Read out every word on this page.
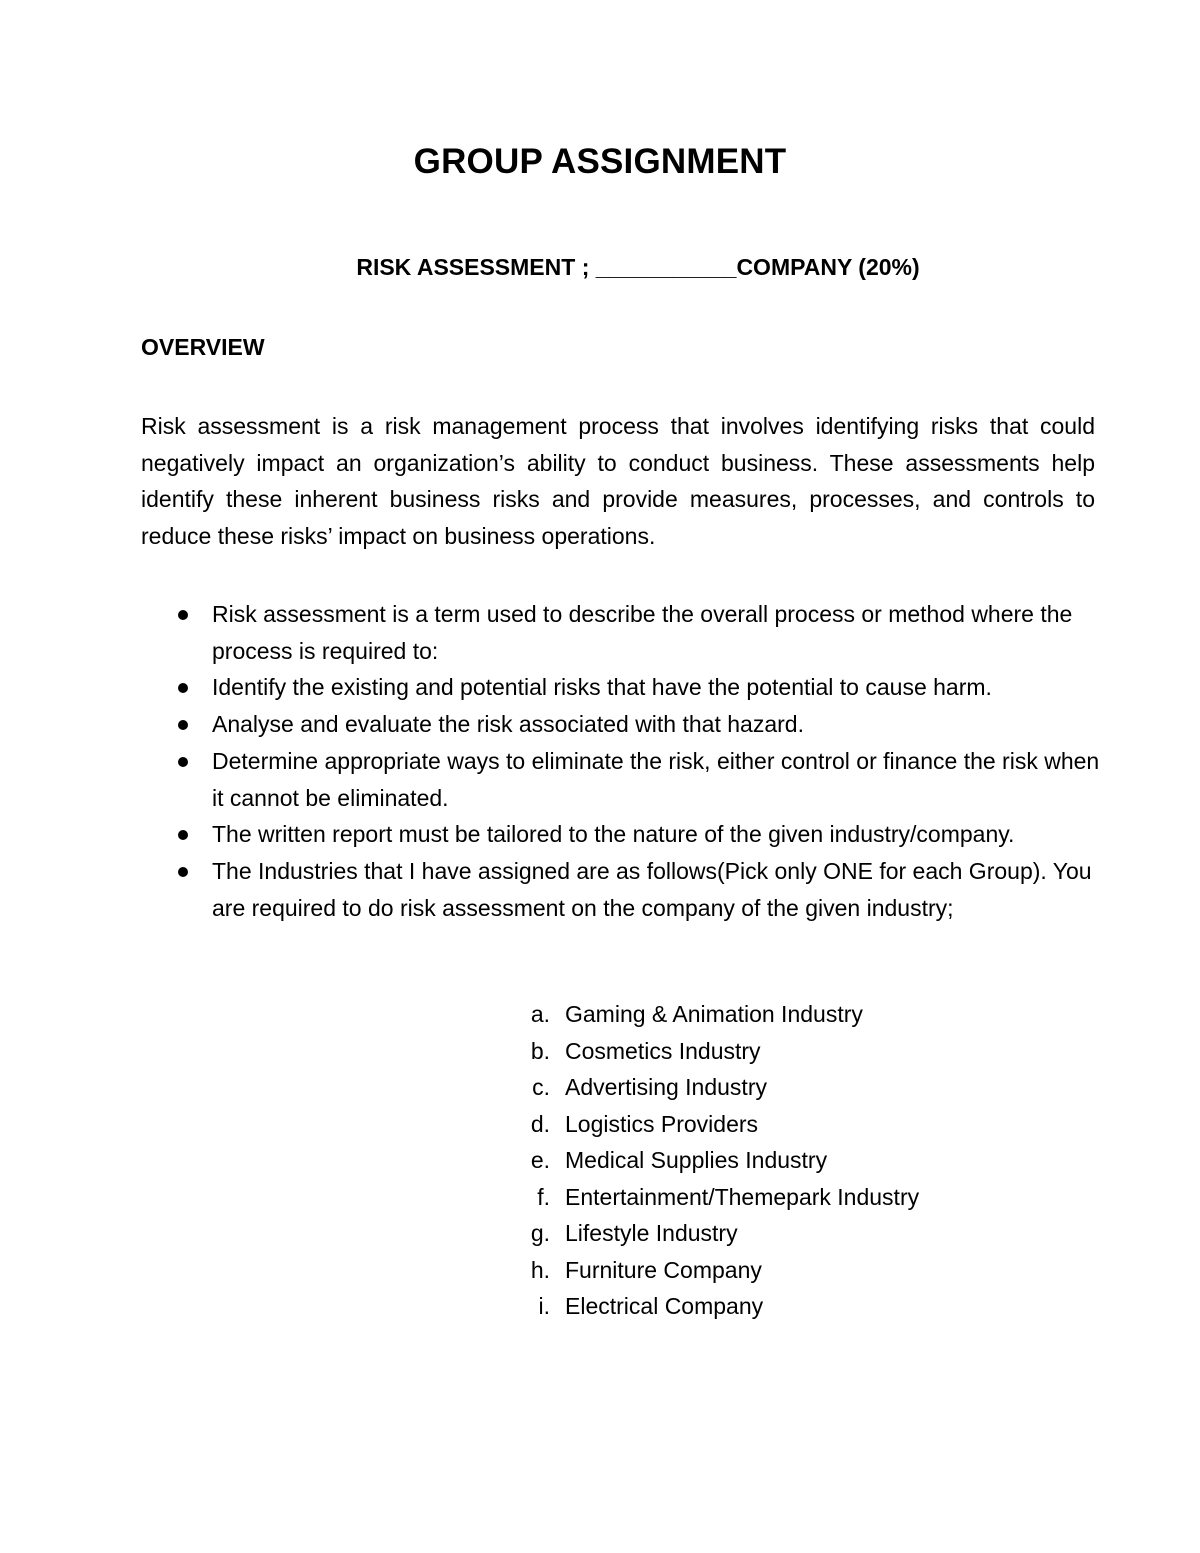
GROUP ASSIGNMENT
RISK ASSESSMENT ; ___________COMPANY (20%)
OVERVIEW

Risk assessment is a risk management process that involves identifying risks that could negatively impact an organization’s ability to conduct business. These assessments help identify these inherent business risks and provide measures, processes, and controls to reduce these risks’ impact on business operations.

Risk assessment is a term used to describe the overall process or method where the process is required to:
Identify the existing and potential risks that have the potential to cause harm.
Analyse and evaluate the risk associated with that hazard.
Determine appropriate ways to eliminate the risk, either control or finance the risk when it cannot be eliminated.
The written report must be tailored to the nature of the given industry/company.
The Industries that I have assigned are as follows(Pick only ONE for each Group). You are required to do risk assessment on the company of the given industry;
a. Gaming & Animation Industry
b. Cosmetics Industry
c. Advertising Industry
d. Logistics Providers
e. Medical Supplies Industry
f. Entertainment/Themepark Industry
g. Lifestyle Industry
h. Furniture Company
i. Electrical Company
